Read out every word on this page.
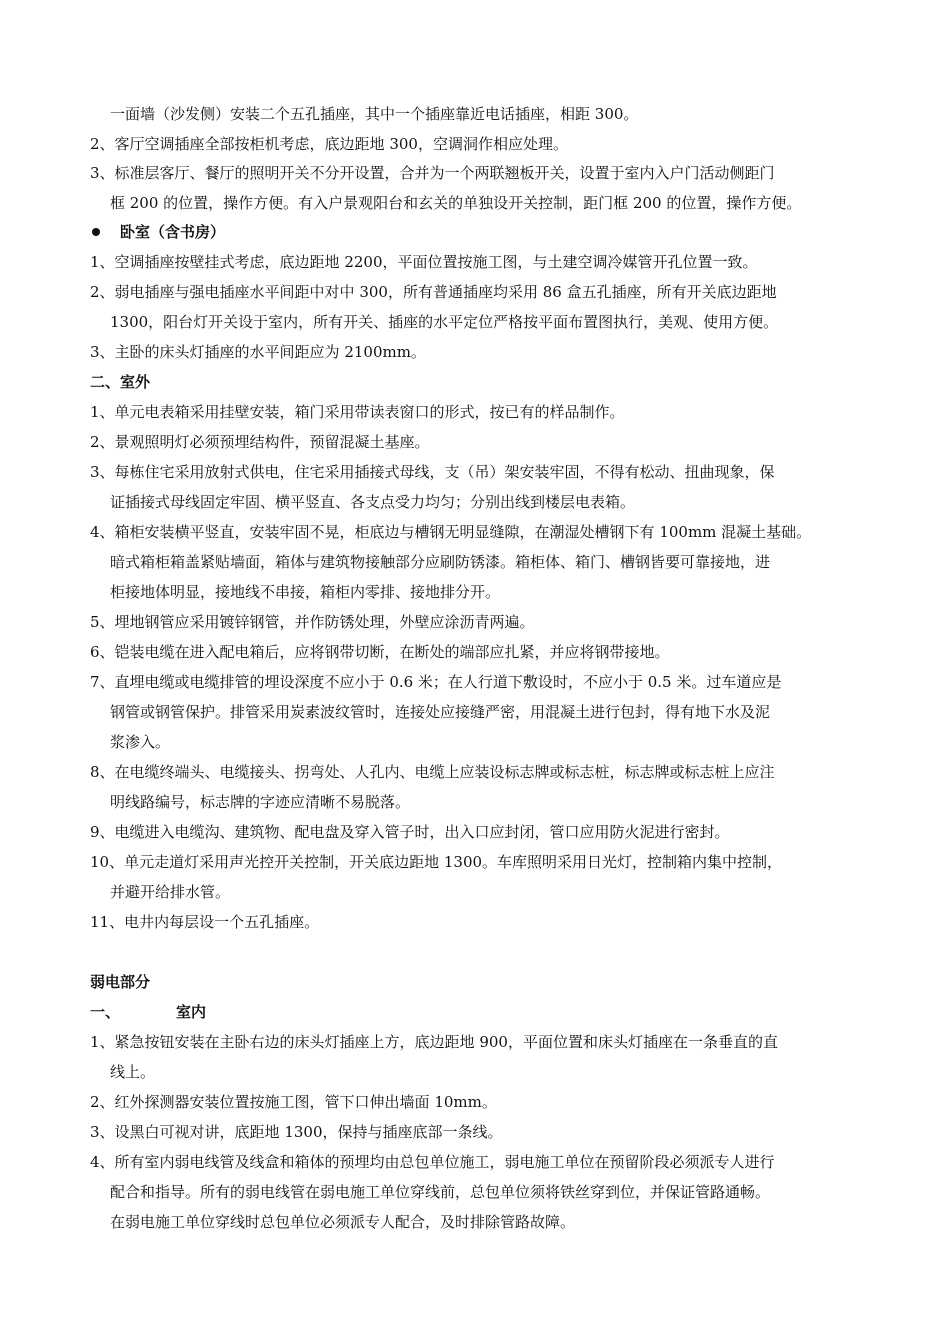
一面墙（沙发侧）安装二个五孔插座，其中一个插座靠近电话插座，相距 300。
2、客厅空调插座全部按柜机考虑，底边距地 300，空调洞作相应处理。
3、标准层客厅、餐厅的照明开关不分开设置，合并为一个两联翘板开关，设置于室内入户门活动侧距门
框 200 的位置，操作方便。有入户景观阳台和玄关的单独设开关控制，距门框 200 的位置，操作方便。
卧室（含书房）
1、空调插座按壁挂式考虑，底边距地 2200，平面位置按施工图，与土建空调冷媒管开孔位置一致。
2、弱电插座与强电插座水平间距中对中 300，所有普通插座均采用 86 盒五孔插座，所有开关底边距地
1300，阳台灯开关设于室内，所有开关、插座的水平定位严格按平面布置图执行，美观、使用方便。
3、主卧的床头灯插座的水平间距应为 2100mm。
二、室外
1、单元电表箱采用挂壁安装，箱门采用带读表窗口的形式，按已有的样品制作。
2、景观照明灯必须预埋结构件，预留混凝土基座。
3、每栋住宅采用放射式供电，住宅采用插接式母线，支（吊）架安装牢固，不得有松动、扭曲现象，保
证插接式母线固定牢固、横平竖直、各支点受力均匀；分别出线到楼层电表箱。
4、箱柜安装横平竖直，安装牢固不晃，柜底边与槽钢无明显缝隙，在潮湿处槽钢下有 100mm 混凝土基础。
暗式箱柜箱盖紧贴墙面，箱体与建筑物接触部分应刷防锈漆。箱柜体、箱门、槽钢皆要可靠接地，进
柜接地体明显，接地线不串接，箱柜内零排、接地排分开。
5、埋地钢管应采用镀锌钢管，并作防锈处理，外壁应涂沥青两遍。
6、铠装电缆在进入配电箱后，应将钢带切断，在断处的端部应扎紧，并应将钢带接地。
7、直埋电缆或电缆排管的埋设深度不应小于 0.6 米；在人行道下敷设时，不应小于 0.5 米。过车道应是
钢管或钢管保护。排管采用炭素波纹管时，连接处应接缝严密，用混凝土进行包封，得有地下水及泥
浆渗入。
8、在电缆终端头、电缆接头、拐弯处、人孔内、电缆上应装设标志牌或标志桩，标志牌或标志桩上应注
明线路编号，标志牌的字迹应清晰不易脱落。
9、电缆进入电缆沟、建筑物、配电盘及穿入管子时，出入口应封闭，管口应用防火泥进行密封。
10、单元走道灯采用声光控开关控制，开关底边距地 1300。车库照明采用日光灯，控制箱内集中控制，
并避开给排水管。
11、电井内每层设一个五孔插座。
弱电部分
一、	室内
1、紧急按钮安装在主卧右边的床头灯插座上方，底边距地 900，平面位置和床头灯插座在一条垂直的直
线上。
2、红外探测器安装位置按施工图，管下口伸出墙面 10mm。
3、设黑白可视对讲，底距地 1300，保持与插座底部一条线。
4、所有室内弱电线管及线盒和箱体的预埋均由总包单位施工，弱电施工单位在预留阶段必须派专人进行
配合和指导。所有的弱电线管在弱电施工单位穿线前，总包单位须将铁丝穿到位，并保证管路通畅。
在弱电施工单位穿线时总包单位必须派专人配合，及时排除管路故障。
